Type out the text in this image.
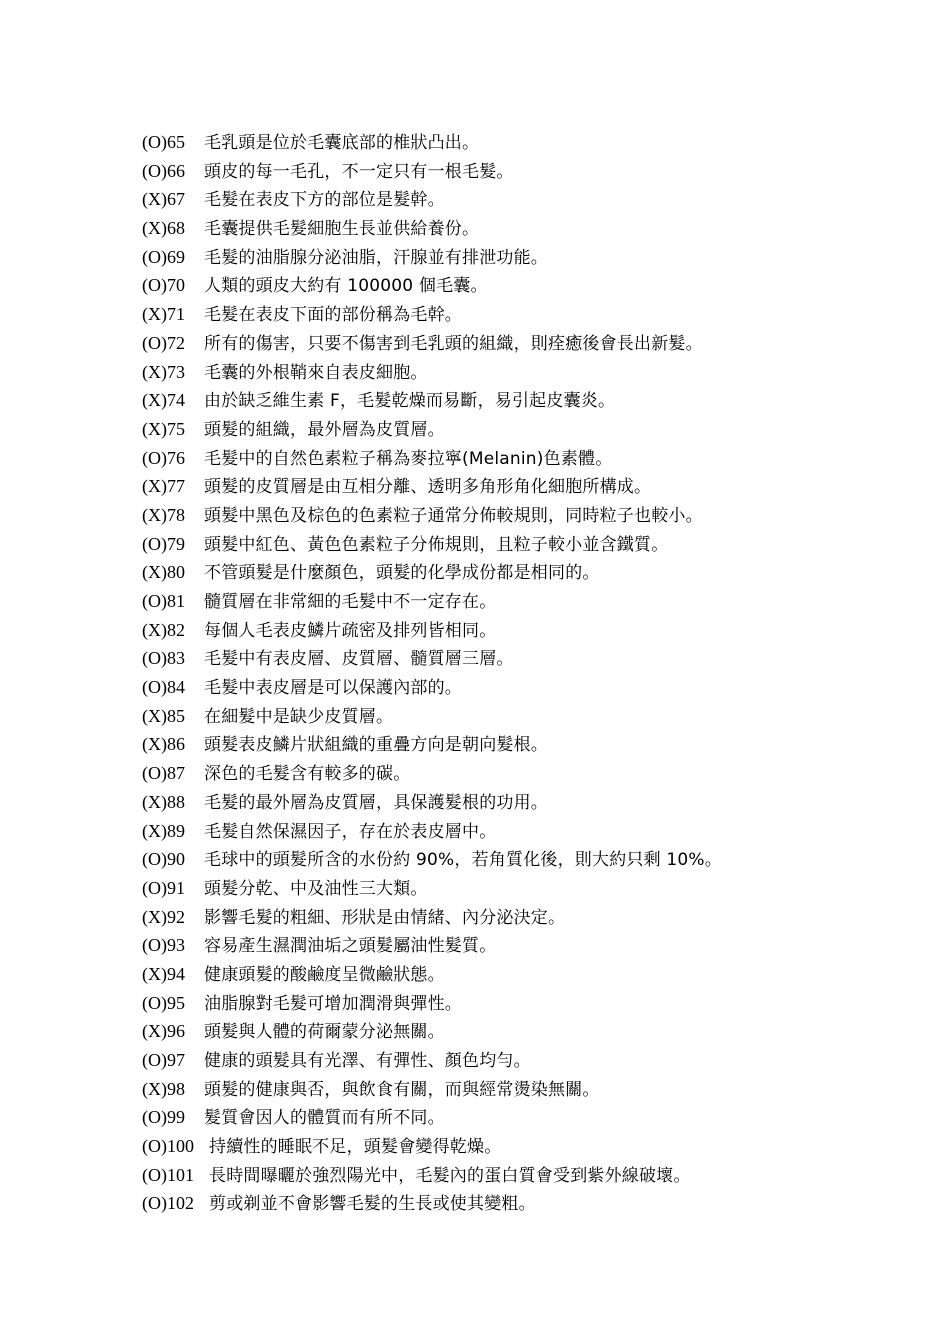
(O)65 毛乳頭是位於毛囊底部的椎狀凸出。
(O)66 頭皮的每一毛孔，不一定只有一根毛髮。
(X)67 毛髮在表皮下方的部位是髮幹。
(X)68 毛囊提供毛髮細胞生長並供給養份。
(O)69 毛髮的油脂腺分泌油脂，汗腺並有排泄功能。
(O)70 人類的頭皮大約有 100000 個毛囊。
(X)71 毛髮在表皮下面的部份稱為毛幹。
(O)72 所有的傷害，只要不傷害到毛乳頭的組織，則痊癒後會長出新髮。
(X)73 毛囊的外根鞘來自表皮細胞。
(X)74 由於缺乏維生素 F，毛髮乾燥而易斷，易引起皮囊炎。
(X)75 頭髮的組織，最外層為皮質層。
(O)76 毛髮中的自然色素粒子稱為麥拉寧(Melanin)色素體。
(X)77 頭髮的皮質層是由互相分離、透明多角形角化細胞所構成。
(X)78 頭髮中黑色及棕色的色素粒子通常分佈較規則，同時粒子也較小。
(O)79 頭髮中紅色、黃色色素粒子分佈規則，且粒子較小並含鐵質。
(X)80 不管頭髮是什麼顏色，頭髮的化學成份都是相同的。
(O)81 髓質層在非常細的毛髮中不一定存在。
(X)82 每個人毛表皮鱗片疏密及排列皆相同。
(O)83 毛髮中有表皮層、皮質層、髓質層三層。
(O)84 毛髮中表皮層是可以保護內部的。
(X)85 在細髮中是缺少皮質層。
(X)86 頭髮表皮鱗片狀組織的重疊方向是朝向髮根。
(O)87 深色的毛髮含有較多的碳。
(X)88 毛髮的最外層為皮質層，具保護髮根的功用。
(X)89 毛髮自然保濕因子，存在於表皮層中。
(O)90 毛球中的頭髮所含的水份約 90%，若角質化後，則大約只剩 10%。
(O)91 頭髮分乾、中及油性三大類。
(X)92 影響毛髮的粗細、形狀是由情緒、內分泌決定。
(O)93 容易產生濕潤油垢之頭髮屬油性髮質。
(X)94 健康頭髮的酸鹼度呈微鹼狀態。
(O)95 油脂腺對毛髮可增加潤滑與彈性。
(X)96 頭髮與人體的荷爾蒙分泌無關。
(O)97 健康的頭髮具有光澤、有彈性、顏色均勻。
(X)98 頭髮的健康與否，與飲食有關，而與經常燙染無關。
(O)99 髮質會因人的體質而有所不同。
(O)100 持續性的睡眠不足，頭髮會變得乾燥。
(O)101 長時間曝曬於強烈陽光中，毛髮內的蛋白質會受到紫外線破壞。
(O)102 剪或剃並不會影響毛髮的生長或使其變粗。
